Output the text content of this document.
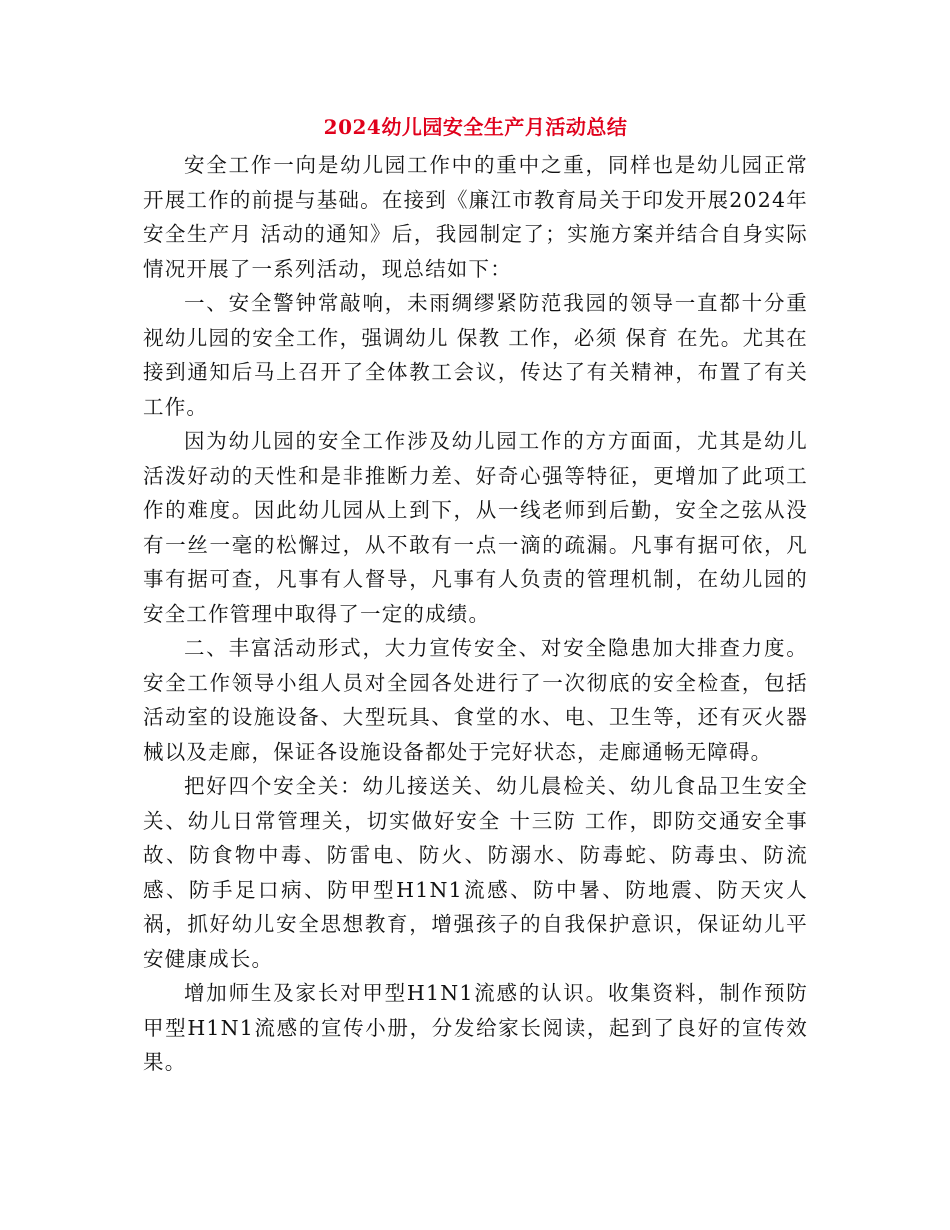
2024幼儿园安全生产月活动总结

安全工作一向是幼儿园工作中的重中之重，同样也是幼儿园正常开展工作的前提与基础。在接到《廉江市教育局关于印发开展2024年安全生产月 活动的通知》后，我园制定了；实施方案并结合自身实际情况开展了一系列活动，现总结如下：

一、安全警钟常敲响，未雨绸缪紧防范我园的领导一直都十分重视幼儿园的安全工作，强调幼儿 保教 工作，必须 保育 在先。尤其在接到通知后马上召开了全体教工会议，传达了有关精神，布置了有关工作。

因为幼儿园的安全工作涉及幼儿园工作的方方面面，尤其是幼儿活泼好动的天性和是非推断力差、好奇心强等特征，更增加了此项工作的难度。因此幼儿园从上到下，从一线老师到后勤，安全之弦从没有一丝一毫的松懈过，从不敢有一点一滴的疏漏。凡事有据可依，凡事有据可查，凡事有人督导，凡事有人负责的管理机制，在幼儿园的安全工作管理中取得了一定的成绩。

二、丰富活动形式，大力宣传安全、对安全隐患加大排查力度。安全工作领导小组人员对全园各处进行了一次彻底的安全检查，包括活动室的设施设备、大型玩具、食堂的水、电、卫生等，还有灭火器械以及走廊，保证各设施设备都处于完好状态，走廊通畅无障碍。

把好四个安全关：幼儿接送关、幼儿晨检关、幼儿食品卫生安全关、幼儿日常管理关，切实做好安全 十三防 工作，即防交通安全事故、防食物中毒、防雷电、防火、防溺水、防毒蛇、防毒虫、防流感、防手足口病、防甲型H1N1流感、防中暑、防地震、防天灾人祸，抓好幼儿安全思想教育，增强孩子的自我保护意识，保证幼儿平安健康成长。

增加师生及家长对甲型H1N1流感的认识。收集资料，制作预防甲型H1N1流感的宣传小册，分发给家长阅读，起到了良好的宣传效果。
